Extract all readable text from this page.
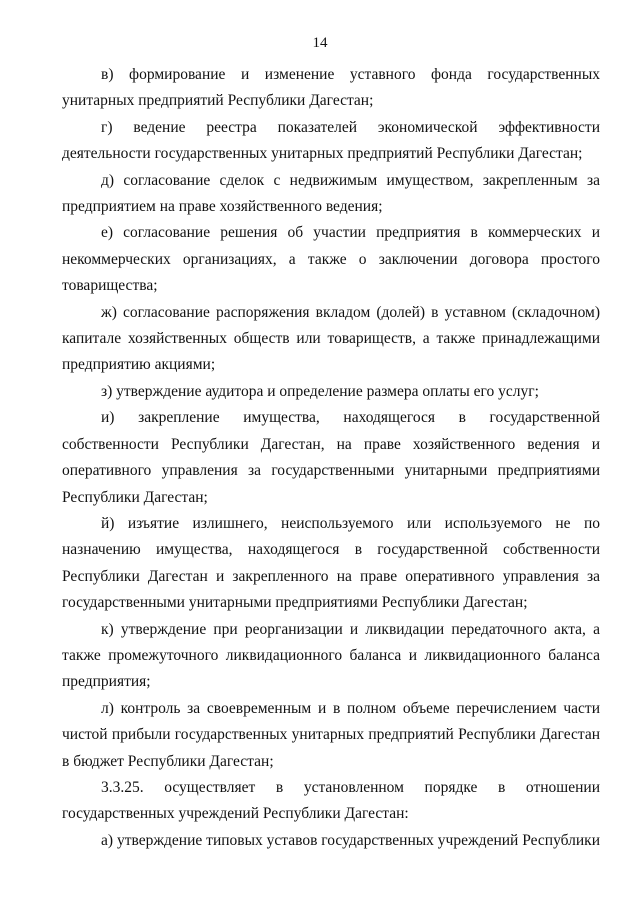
14

в) формирование и изменение уставного фонда государственных унитарных предприятий Республики Дагестан;

г) ведение реестра показателей экономической эффективности деятельности государственных унитарных предприятий Республики Дагестан;

д) согласование сделок с недвижимым имуществом, закрепленным за предприятием на праве хозяйственного ведения;

е) согласование решения об участии предприятия в коммерческих и некоммерческих организациях, а также о заключении договора простого товарищества;

ж) согласование распоряжения вкладом (долей) в уставном (складочном) капитале хозяйственных обществ или товариществ, а также принадлежащими предприятию акциями;

з) утверждение аудитора и определение размера оплаты его услуг;

и) закрепление имущества, находящегося в государственной собственности Республики Дагестан, на праве хозяйственного ведения и оперативного управления за государственными унитарными предприятиями Республики Дагестан;

й) изъятие излишнего, неиспользуемого или используемого не по назначению имущества, находящегося в государственной собственности Республики Дагестан и закрепленного на праве оперативного управления за государственными унитарными предприятиями Республики Дагестан;

к) утверждение при реорганизации и ликвидации передаточного акта, а также промежуточного ликвидационного баланса и ликвидационного баланса предприятия;

л) контроль за своевременным и в полном объеме перечислением части чистой прибыли государственных унитарных предприятий Республики Дагестан в бюджет Республики Дагестан;

3.3.25. осуществляет в установленном порядке в отношении государственных учреждений Республики Дагестан:

а) утверждение типовых уставов государственных учреждений Республики
